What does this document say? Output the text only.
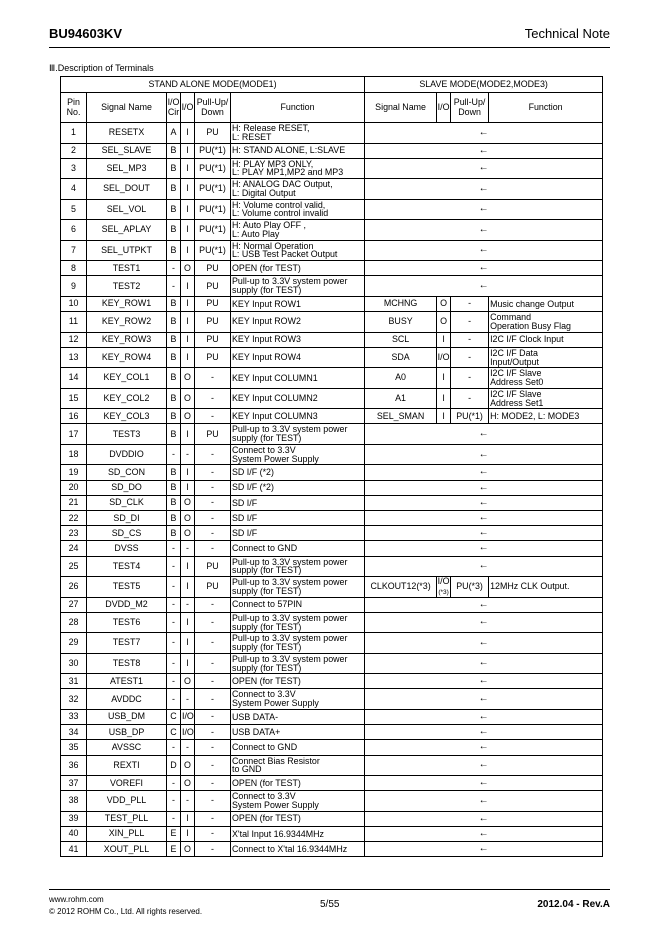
BU94603KV	Technical Note
Ⅲ.Description of Terminals
STAND ALONE MODE(MODE1)						SLAVE MODE(MODE2,MODE3)			
Pin No.	Signal Name	I/O Cir	I/O	Pull-Up/ Down	Function	Signal Name	I/O	Pull-Up/ Down	Function
1	RESETX	A	I	PU	H: Release RESET,
L: RESET	←			
2	SEL_SLAVE	B	I	PU(*1)	H: STAND ALONE, L:SLAVE	←			
3	SEL_MP3	B	I	PU(*1)	H: PLAY MP3 ONLY,
L: PLAY MP1,MP2 and MP3	←			
4	SEL_DOUT	B	I	PU(*1)	H: ANALOG DAC Output,
L: Digital Output	←			
5	SEL_VOL	B	I	PU(*1)	H: Volume control valid,
L: Volume control invalid	←			
6	SEL_APLAY	B	I	PU(*1)	H: Auto Play OFF ,
L: Auto Play	←			
7	SEL_UTPKT	B	I	PU(*1)	H: Normal Operation
L: USB Test Packet Output	←			
8	TEST1	-	O	PU	OPEN (for TEST)	←			
9	TEST2	-	I	PU	Pull-up to 3.3V system power
supply (for TEST)	←			
10	KEY_ROW1	B	I	PU	KEY Input ROW1	MCHNG	O	-	Music change Output
11	KEY_ROW2	B	I	PU	KEY Input ROW2	BUSY	O	-	Command
Operation Busy Flag
12	KEY_ROW3	B	I	PU	KEY Input ROW3	SCL	I	-	I2C I/F Clock Input
13	KEY_ROW4	B	I	PU	KEY Input ROW4	SDA	I/O	-	I2C I/F Data
Input/Output
14	KEY_COL1	B	O	-	KEY Input COLUMN1	A0	I	-	I2C I/F Slave
Address Set0
15	KEY_COL2	B	O	-	KEY Input COLUMN2	A1	I	-	I2C I/F Slave
Address Set1
16	KEY_COL3	B	O	-	KEY Input COLUMN3	SEL_SMAN	I	PU(*1)	H: MODE2, L: MODE3
17	TEST3	B	I	PU	Pull-up to 3.3V system power
supply (for TEST)	←			
18	DVDDIO	-	-	-	Connect to 3.3V
System Power Supply	←			
19	SD_CON	B	I	-	SD I/F (*2)	←			
20	SD_DO	B	I	-	SD I/F (*2)	←			
21	SD_CLK	B	O	-	SD I/F	←			
22	SD_DI	B	O	-	SD I/F	←			
23	SD_CS	B	O	-	SD I/F	←			
24	DVSS	-	-	-	Connect to GND	←			
25	TEST4	-	I	PU	Pull-up to 3.3V system power
supply (for TEST)	←			
26	TEST5	-	I	PU	Pull-up to 3.3V system power
supply (for TEST)	CLKOUT12(*3)	I/O
(*3)	PU(*3)	12MHz CLK Output.
27	DVDD_M2	-	-	-	Connect to 57PIN	←			
28	TEST6	-	I	-	Pull-up to 3.3V system power
supply (for TEST)	←			
29	TEST7	-	I	-	Pull-up to 3.3V system power
supply (for TEST)	←			
30	TEST8	-	I	-	Pull-up to 3.3V system power
supply (for TEST)	←			
31	ATEST1	-	O	-	OPEN (for TEST)	←			
32	AVDDC	-	-	-	Connect to 3.3V
System Power Supply	←			
33	USB_DM	C	I/O	-	USB DATA-	←			
34	USB_DP	C	I/O	-	USB DATA+	←			
35	AVSSC	-	-	-	Connect to GND	←			
36	REXTI	D	O	-	Connect Bias Resistor
to GND	←			
37	VOREFI	-	O	-	OPEN (for TEST)	←			
38	VDD_PLL	-	-	-	Connect to 3.3V
System Power Supply	←			
39	TEST_PLL	-	I	-	OPEN (for TEST)	←			
40	XIN_PLL	E	I	-	X'tal Input 16.9344MHz	←			
41	XOUT_PLL	E	O	-	Connect to X'tal 16.9344MHz	←			
www.rohm.com
© 2012 ROHM Co., Ltd. All rights reserved.
5/55	2012.04 - Rev.A
